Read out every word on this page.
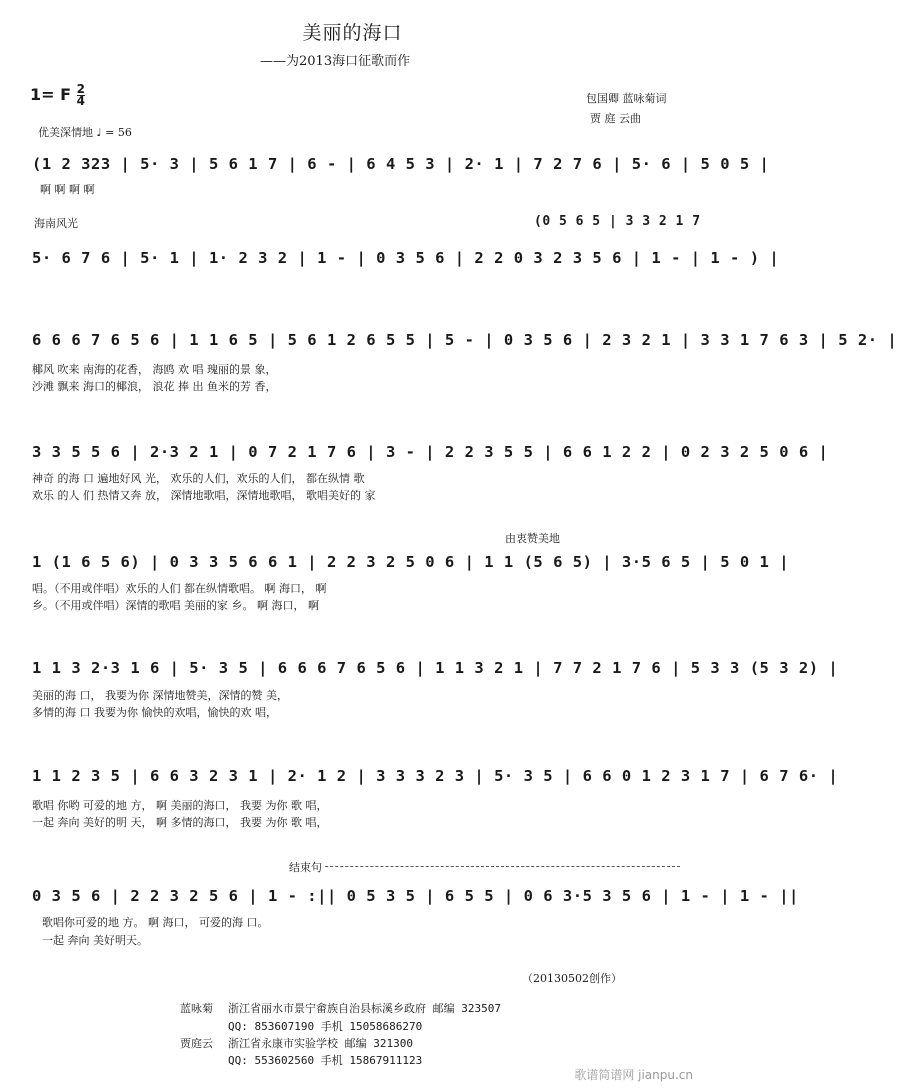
美丽的海口
——为2013海口征歌而作
1= F $\frac{2}{4}$	包国卿 蓝咏菊词
贾 庭 云曲
优美深情地 ♩ = 56
(1 2 323 | 5· 3 | 5 6 1 7 | 6 - | 6 4 5 3 | 2· 1 | 7 2 7 6 | 5· 6 | 5 0 5 |
啊 啊 啊 啊
海南风光	(0 5 6 5 | 3 3 2 1 7
5· 6 7 6 | 5· 1 | 1· 2 3 2 | 1 - | 0 3 5 6 | 2 2 0 3 2 3 5 6 | 1 - | 1 - ) |
6 6 6 7 6 5 6 | 1 1 6 5 | 5 6 1 2 6 5 5 | 5 - | 0 3 5 6 | 2 3 2 1 | 3 3 1 7 6 3 | 5 2· |
椰风 吹来 南海的花香， 海鸥 欢 唱 瑰丽的景 象，
沙滩 飘来 海口的椰浪， 浪花 捧 出 鱼米的芳 香，
3 3 5 5 6 | 2·3 2 1 | 0 7 2 1 7 6 | 3 - | 2 2 3 5 5 | 6 6 1 2 2 | 0 2 3 2 5 0 6 |
神奇 的海 口 遍地好风 光， 欢乐的人们，欢乐的人们， 都在纵情 歌
欢乐 的人 们 热情又奔 放， 深情地歌唱，深情地歌唱， 歌唱美好的 家
由衷赞美地
1 (1 6 5 6) | 0 3 3 5 6 6 1 | 2 2 3 2 5 0 6 | 1 1 (5 6 5) | 3·5 6 5 | 5 0 1 |
唱。（不用或伴唱）欢乐的人们 都在纵情歌唱。 啊 海口， 啊
乡。（不用或伴唱）深情的歌唱 美丽的家 乡。 啊 海口， 啊
1 1 3 2·3 1 6 | 5· 3 5 | 6 6 6 7 6 5 6 | 1 1 3 2 1 | 7 7 2 1 7 6 | 5 3 3 (5 3 2) |
美丽的海 口， 我要为你 深情地赞美，深情的赞 美，
多情的海 口 我要为你 愉快的欢唱，愉快的欢 唱，
1 1 2 3 5 | 6 6 3 2 3 1 | 2· 1 2 | 3 3 3 2 3 | 5· 3 5 | 6 6 0 1 2 3 1 7 | 6 7 6· |
歌唱 你哟 可爱的地 方， 啊 美丽的海口， 我要 为你 歌 唱，
一起 奔向 美好的明 天， 啊 多情的海口， 我要 为你 歌 唱，
结束句
0 3 5 6 | 2 2 3 2 5 6 | 1 - :|| 0 5 3 5 | 6 5 5 | 0 6 3·5 3 5 6 | 1 - | 1 - ||
歌唱你可爱的地 方。 啊 海口， 可爱的海 口。
一起 奔向 美好明天。
（20130502创作）
蓝咏菊 浙江省丽水市景宁畲族自治县标溪乡政府 邮编 323507
QQ: 853607190 手机 15058686270
贾庭云 浙江省永康市实验学校 邮编 321300
QQ: 553602560 手机 15867911123
歌谱简谱网 jianpu.cn
